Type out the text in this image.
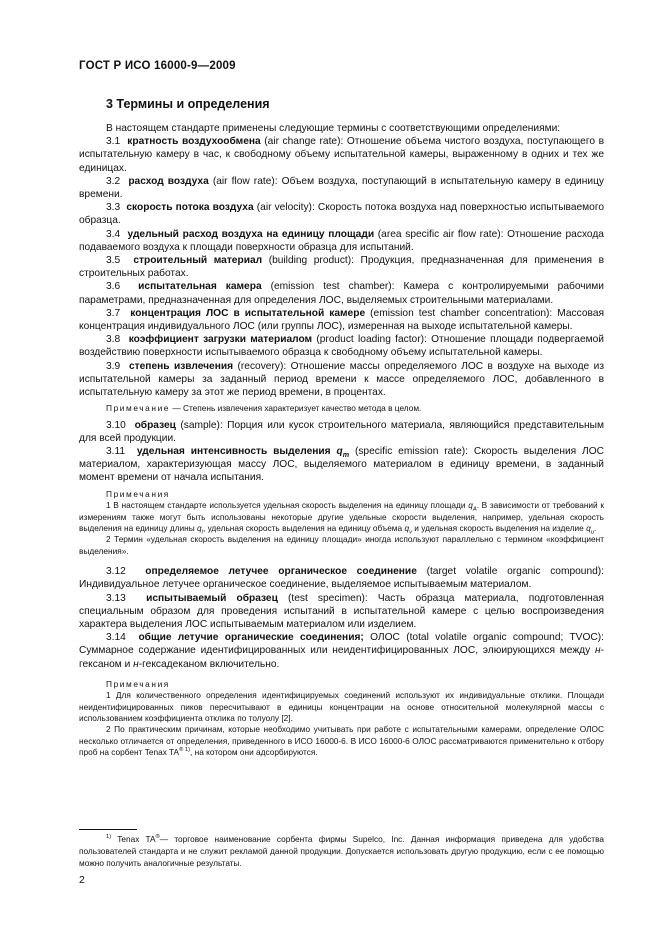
ГОСТ Р ИСО 16000-9—2009
3 Термины и определения

В настоящем стандарте применены следующие термины с соответствующими определениями:

3.1 кратность воздухообмена (air change rate): Отношение объема чистого воздуха, поступающего в испытательную камеру в час, к свободному объему испытательной камеры, выраженному в одних и тех же единицах.

3.2 расход воздуха (air flow rate): Объем воздуха, поступающий в испытательную камеру в единицу времени.

3.3 скорость потока воздуха (air velocity): Скорость потока воздуха над поверхностью испытываемого образца.

3.4 удельный расход воздуха на единицу площади (area specific air flow rate): Отношение расхода подаваемого воздуха к площади поверхности образца для испытаний.

3.5 строительный материал (building product): Продукция, предназначенная для применения в строительных работах.

3.6 испытательная камера (emission test chamber): Камера с контролируемыми рабочими параметрами, предназначенная для определения ЛОС, выделяемых строительными материалами.

3.7 концентрация ЛОС в испытательной камере (emission test chamber concentration): Массовая концентрация индивидуального ЛОС (или группы ЛОС), измеренная на выходе испытательной камеры.

3.8 коэффициент загрузки материалом (product loading factor): Отношение площади подвергаемой воздействию поверхности испытываемого образца к свободному объему испытательной камеры.

3.9 степень извлечения (recovery): Отношение массы определяемого ЛОС в воздухе на выходе из испытательной камеры за заданный период времени к массе определяемого ЛОС, добавленного в испытательную камеру за этот же период времени, в процентах.

Примечание — Степень извлечения характеризует качество метода в целом.

3.10 образец (sample): Порция или кусок строительного материала, являющийся представительным для всей продукции.

3.11 удельная интенсивность выделения $q_m$ (specific emission rate): Скорость выделения ЛОС материалом, характеризующая массу ЛОС, выделяемого материалом в единицу времени, в заданный момент времени от начала испытания.

Примечания

1 В настоящем стандарте используется удельная скорость выделения на единицу площади $q_A$. В зависимости от требований к измерениям также могут быть использованы некоторые другие удельные скорости выделения, например, удельная скорость выделения на единицу длины $q_l$, удельная скорость выделения на единицу объема $q_v$ и удельная скорость выделения на изделие $q_u$.

2 Термин «удельная скорость выделения на единицу площади» иногда используют параллельно с термином «коэффициент выделения».

3.12 определяемое летучее органическое соединение (target volatile organic compound): Индивидуальное летучее органическое соединение, выделяемое испытываемым материалом.

3.13 испытываемый образец (test specimen): Часть образца материала, подготовленная специальным образом для проведения испытаний в испытательной камере с целью воспроизведения характера выделения ЛОС испытываемым материалом или изделием.

3.14 общие летучие органические соединения; ОЛОС (total volatile organic compound; TVOC): Суммарное содержание идентифицированных или неидентифицированных ЛОС, элюирующихся между н-гексаном и н-гексадеканом включительно.

Примечания

1 Для количественного определения идентифицируемых соединений используют их индивидуальные отклики. Площади неидентифицированных пиков пересчитывают в единицы концентрации на основе относительной молекулярной массы с использованием коэффициента отклика по толуолу [2].

2 По практическим причинам, которые необходимо учитывать при работе с испытательными камерами, определение ОЛОС несколько отличается от определения, приведенного в ИСО 16000-6. В ИСО 16000-6 ОЛОС рассматриваются применительно к отбору проб на сорбент Tenax $TA^{® 1)}$, на котором они адсорбируются.

$^{1)}$ Tenax TA®— торговое наименование сорбента фирмы Supelco, Inc. Данная информация приведена для удобства пользователей стандарта и не служит рекламой данной продукции. Допускается использовать другую продукцию, если с ее помощью можно получить аналогичные результаты.
2
